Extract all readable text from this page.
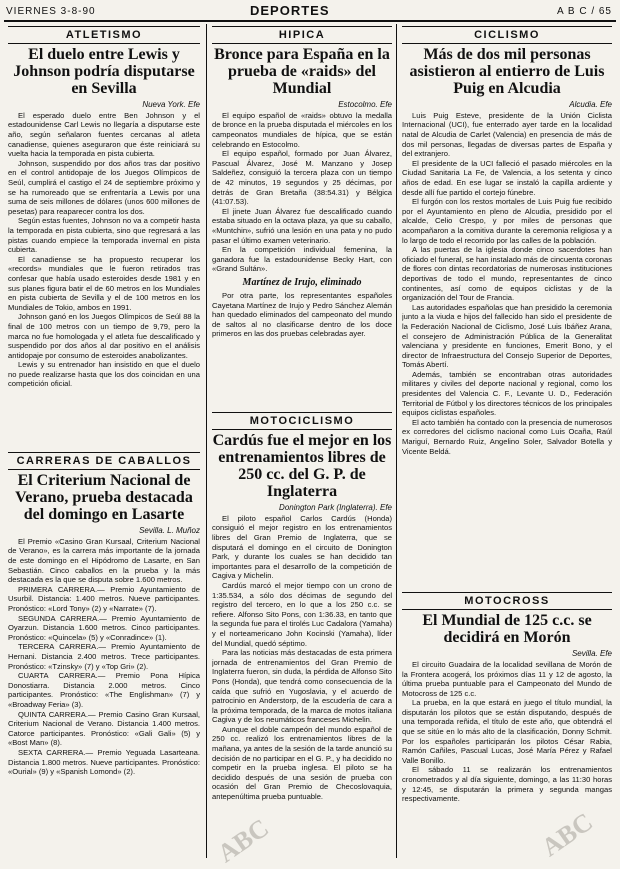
VIERNES 3-8-90	DEPORTES	A B C / 65
ATLETISMO
El duelo entre Lewis y Johnson podría disputarse en Sevilla
Nueva York. Efe

El esperado duelo entre Ben Johnson y el estadounidense Carl Lewis no llegaría a disputarse este año, según señalaron fuentes cercanas al atleta canadiense, quienes aseguraron que éste reiniciará su vuelta hacia la temporada en pista cubierta.

Johnson, suspendido por dos años tras dar positivo en el control antidopaje de los Juegos Olímpicos de Seúl, cumplirá el castigo el 24 de septiembre próximo y se ha rumoreado que se enfrentaría a Lewis por una suma de seis millones de dólares (unos 600 millones de pesetas) para reaparecer contra los dos.

Según estas fuentes, Johnson no va a competir hasta la temporada en pista cubierta, sino que regresará a las pistas cuando empiece la temporada invernal en pista cubierta.

El canadiense se ha propuesto recuperar los «records» mundiales que le fueron retirados tras confesar que había usado esteroides desde 1981 y en sus planes figura batir el de 60 metros en los Mundiales en pista cubierta de Sevilla y el de 100 metros en los Mundiales de Tokio, ambos en 1991.

Johnson ganó en los Juegos Olímpicos de Seúl 88 la final de 100 metros con un tiempo de 9,79, pero la marca no fue homologada y el atleta fue descalificado y suspendido por dos años al dar positivo en el análisis antidopaje por consumo de esteroides anabolizantes.

Lewis y su entrenador han insistido en que el duelo no puede realizarse hasta que los dos coincidan en una competición oficial.

CARRERAS DE CABALLOS
El Criterium Nacional de Verano, prueba destacada del domingo en Lasarte
Sevilla. L. Muñoz

El Premio «Casino Gran Kursaal, Criterium Nacional de Verano», es la carrera más importante de la jornada de este domingo en el Hipódromo de Lasarte, en San Sebastián. Cinco caballos en la prueba y la más destacada es la que se disputa sobre 1.600 metros.

PRIMERA CARRERA.— Premio Ayuntamiento de Usurbil. Distancia: 1.400 metros. Nueve participantes. Pronóstico: «Lord Tony» (2) y «Narrate» (7).

SEGUNDA CARRERA.— Premio Ayuntamiento de Oyarzun. Distancia 1.600 metros. Cinco participantes. Pronóstico: «Quincela» (5) y «Conradince» (1).

TERCERA CARRERA.— Premio Ayuntamiento de Hernani. Distancia 2.400 metros. Trece participantes. Pronóstico: «Tzinsky» (7) y «Top Gri» (2).

CUARTA CARRERA.— Premio Pona Hípica Donostiarra. Distancia 2.000 metros. Cinco participantes. Pronóstico: «The Englishman» (7) y «Broadway Feria» (3).

QUINTA CARRERA.— Premio Casino Gran Kursaal, Criterium Nacional de Verano. Distancia 1.400 metros. Catorce participantes. Pronóstico: «Gali Gali» (5) y «Bost Man» (8).

SEXTA CARRERA.— Premio Yeguada Lasarteana. Distancia 1.800 metros. Nueve participantes. Pronóstico: «Ourial» (9) y «Spanish Lomond» (2).

HIPICA
Bronce para España en la prueba de «raids» del Mundial
Estocolmo. Efe

El equipo español de «raids» obtuvo la medalla de bronce en la prueba disputada el miércoles en los campeonatos mundiales de hípica, que se están celebrando en Estocolmo.

El equipo español, formado por Juan Álvarez, Pascual Álvarez, José M. Manzano y Josep Saldeñez, consiguió la tercera plaza con un tiempo de 42 minutos, 19 segundos y 25 décimas, por detrás de Gran Bretaña (38:54.31) y Bélgica (41:07.53).

El jinete Juan Álvarez fue descalificado cuando estaba situado en la octava plaza, ya que su caballo, «Muntchin», sufrió una lesión en una pata y no pudo pasar el último examen veterinario.

En la competición individual femenina, la ganadora fue la estadounidense Becky Hart, con «Grand Sultán».

Martínez de Irujo, eliminado

Por otra parte, los representantes españoles Cayetana Martínez de Irujo y Pedro Sánchez Alemán han quedado eliminados del campeonato del mundo de saltos al no clasificarse dentro de los doce primeros en las dos pruebas celebradas ayer.

MOTOCICLISMO
Cardús fue el mejor en los entrenamientos libres de 250 cc. del G. P. de Inglaterra
Donington Park (Inglaterra). Efe

El piloto español Carlos Cardús (Honda) consiguió el mejor registro en los entrenamientos libres del Gran Premio de Inglaterra, que se disputará el domingo en el circuito de Donington Park, y durante los cuales se han decidido tan importantes para el desarrollo de la competición de Cagiva y Michelin.

Cardús marcó el mejor tiempo con un crono de 1:35.534, a sólo dos décimas de segundo del registro del tercero, en lo que a los 250 c.c. se refiere. Alfonso Sito Pons, con 1:36.33, en tanto que la segunda fue para el tirolés Luc Cadalora (Yamaha) y el norteamericano John Kocinski (Yamaha), líder del Mundial, quedó séptimo.

Para las noticias más destacadas de esta primera jornada de entrenamientos del Gran Premio de Inglaterra fueron, sin duda, la pérdida de Alfonso Sito Pons (Honda), que tendrá como consecuencia de la caída que sufrió en Yugoslavia, y el acuerdo de patrocinio en Anderstorp, de la escudería de cara a la próxima temporada, de la marca de motos italiana Cagiva y de los neumáticos franceses Michelin.

Aunque el doble campeón del mundo español de 250 cc. realizó los entrenamientos libres de la mañana, ya antes de la sesión de la tarde anunció su decisión de no participar en el G. P., y ha decidido no competir en la prueba inglesa. El piloto se ha decidido después de una sesión de prueba con ocasión del Gran Premio de Checoslovaquia, antepenúltima prueba puntuable.

CICLISMO
Más de dos mil personas asistieron al entierro de Luis Puig en Alcudia
Alcudia. Efe

Luis Puig Esteve, presidente de la Unión Ciclista Internacional (UCI), fue enterrado ayer tarde en la localidad natal de Alcudia de Carlet (Valencia) en presencia de más de dos mil personas, llegadas de diversas partes de España y del extranjero.

El presidente de la UCI falleció el pasado miércoles en la Ciudad Sanitaria La Fe, de Valencia, a los setenta y cinco años de edad. En ese lugar se instaló la capilla ardiente y desde allí fue partido el cortejo fúnebre.

El furgón con los restos mortales de Luis Puig fue recibido por el Ayuntamiento en pleno de Alcudia, presidido por el alcalde, Celio Crespo, y por miles de personas que acompañaron a la comitiva durante la ceremonia religiosa y a lo largo de todo el recorrido por las calles de la población.

A las puertas de la iglesia donde cinco sacerdotes han oficiado el funeral, se han instalado más de cincuenta coronas de flores con dintas recordatorias de numerosas instituciones deportivas de todo el mundo, representantes de cinco continentes, así como de equipos ciclistas y de la organización del Tour de Francia.

Las autoridades españolas que han presidido la ceremonia junto a la viuda e hijos del fallecido han sido el presidente de la Federación Nacional de Ciclismo, José Luis Ibáñez Arana, el consejero de Administración Pública de la Generalitat valenciana y presidente en funciones, Emerit Bono, y el director de Infraestructura del Consejo Superior de Deportes, Tomás Abertí.

Además, también se encontraban otras autoridades militares y civiles del deporte nacional y regional, como los presidentes del Valencia C. F., Levante U. D., Federación Territorial de Fútbol y los directores técnicos de los principales equipos ciclistas españoles.

El acto también ha contado con la presencia de numerosos ex corredores del ciclismo nacional como Luis Ocaña, Raúl Mariguí, Bernardo Ruiz, Angelino Soler, Salvador Botella y Vicente Beldá.

MOTOCROSS
El Mundial de 125 c.c. se decidirá en Morón
Sevilla. Efe

El circuito Guadaira de la localidad sevillana de Morón de la Frontera acogerá, los próximos días 11 y 12 de agosto, la última prueba puntuable para el Campeonato del Mundo de Motocross de 125 c.c.

La prueba, en la que estará en juego el título mundial, la disputarán los pilotos que se están disputando, después de una temporada reñida, el título de este año, que obtendrá el que se sitúe en lo más alto de la clasificación, Donny Schmit. Por los españoles participarán los pilotos César Rabia, Ramón Cañiles, Pascual Lucas, José María Pérez y Rafael Valle Bonillo.

El sábado 11 se realizarán los entrenamientos cronometrados y al día siguiente, domingo, a las 11:30 horas y 12:45, se disputarán la primera y segunda mangas respectivamente.

ABC	ABC
